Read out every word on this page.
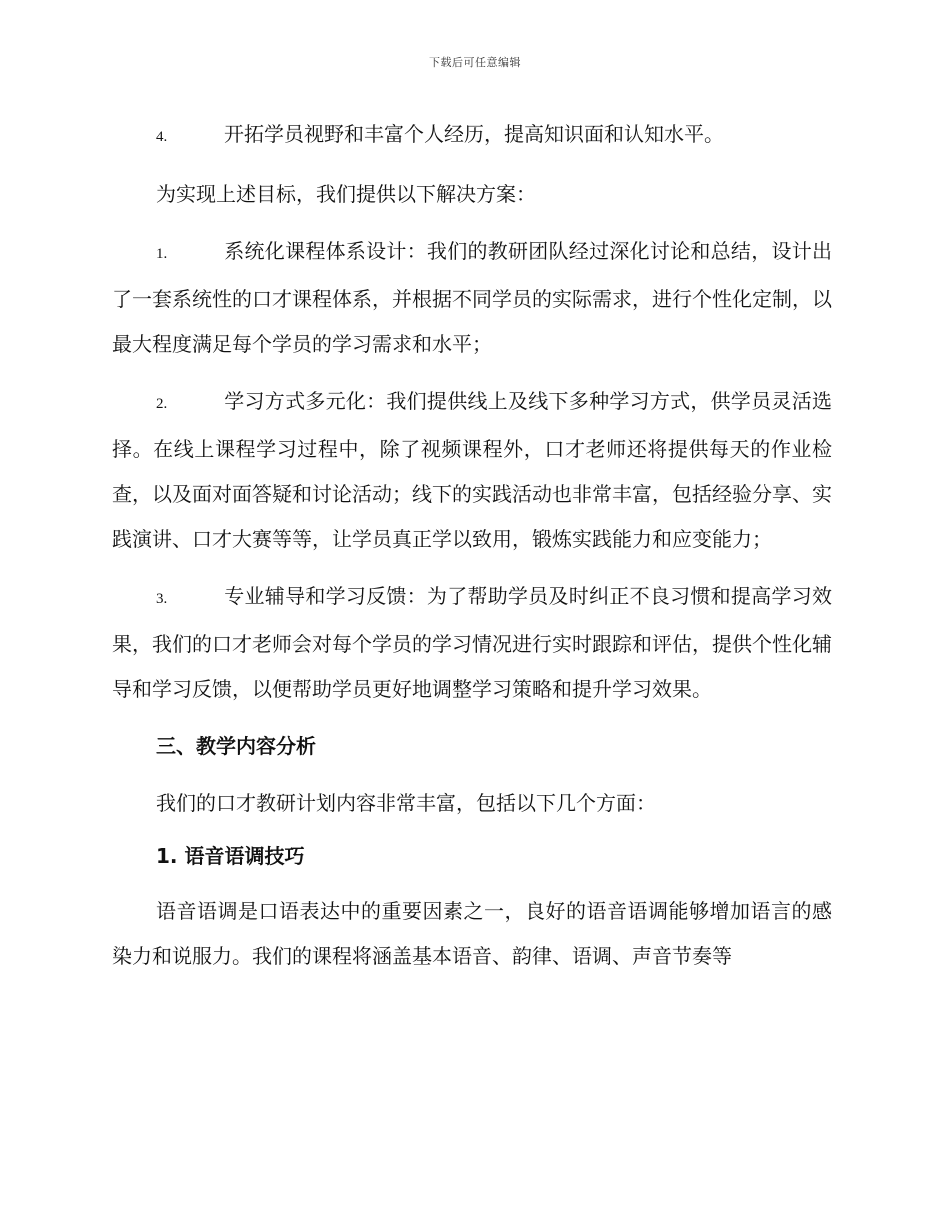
下载后可任意编辑

4.	开拓学员视野和丰富个人经历，提高知识面和认知水平。

为实现上述目标，我们提供以下解决方案：

1.	系统化课程体系设计：我们的教研团队经过深化讨论和总结，设计出了一套系统性的口才课程体系，并根据不同学员的实际需求，进行个性化定制，以最大程度满足每个学员的学习需求和水平；

2.	学习方式多元化：我们提供线上及线下多种学习方式，供学员灵活选择。在线上课程学习过程中，除了视频课程外，口才老师还将提供每天的作业检查，以及面对面答疑和讨论活动；线下的实践活动也非常丰富，包括经验分享、实践演讲、口才大赛等等，让学员真正学以致用，锻炼实践能力和应变能力；

3.	专业辅导和学习反馈：为了帮助学员及时纠正不良习惯和提高学习效果，我们的口才老师会对每个学员的学习情况进行实时跟踪和评估，提供个性化辅导和学习反馈，以便帮助学员更好地调整学习策略和提升学习效果。

三、教学内容分析

我们的口才教研计划内容非常丰富，包括以下几个方面：

1. 语音语调技巧

语音语调是口语表达中的重要因素之一，良好的语音语调能够增加语言的感染力和说服力。我们的课程将涵盖基本语音、韵律、语调、声音节奏等
